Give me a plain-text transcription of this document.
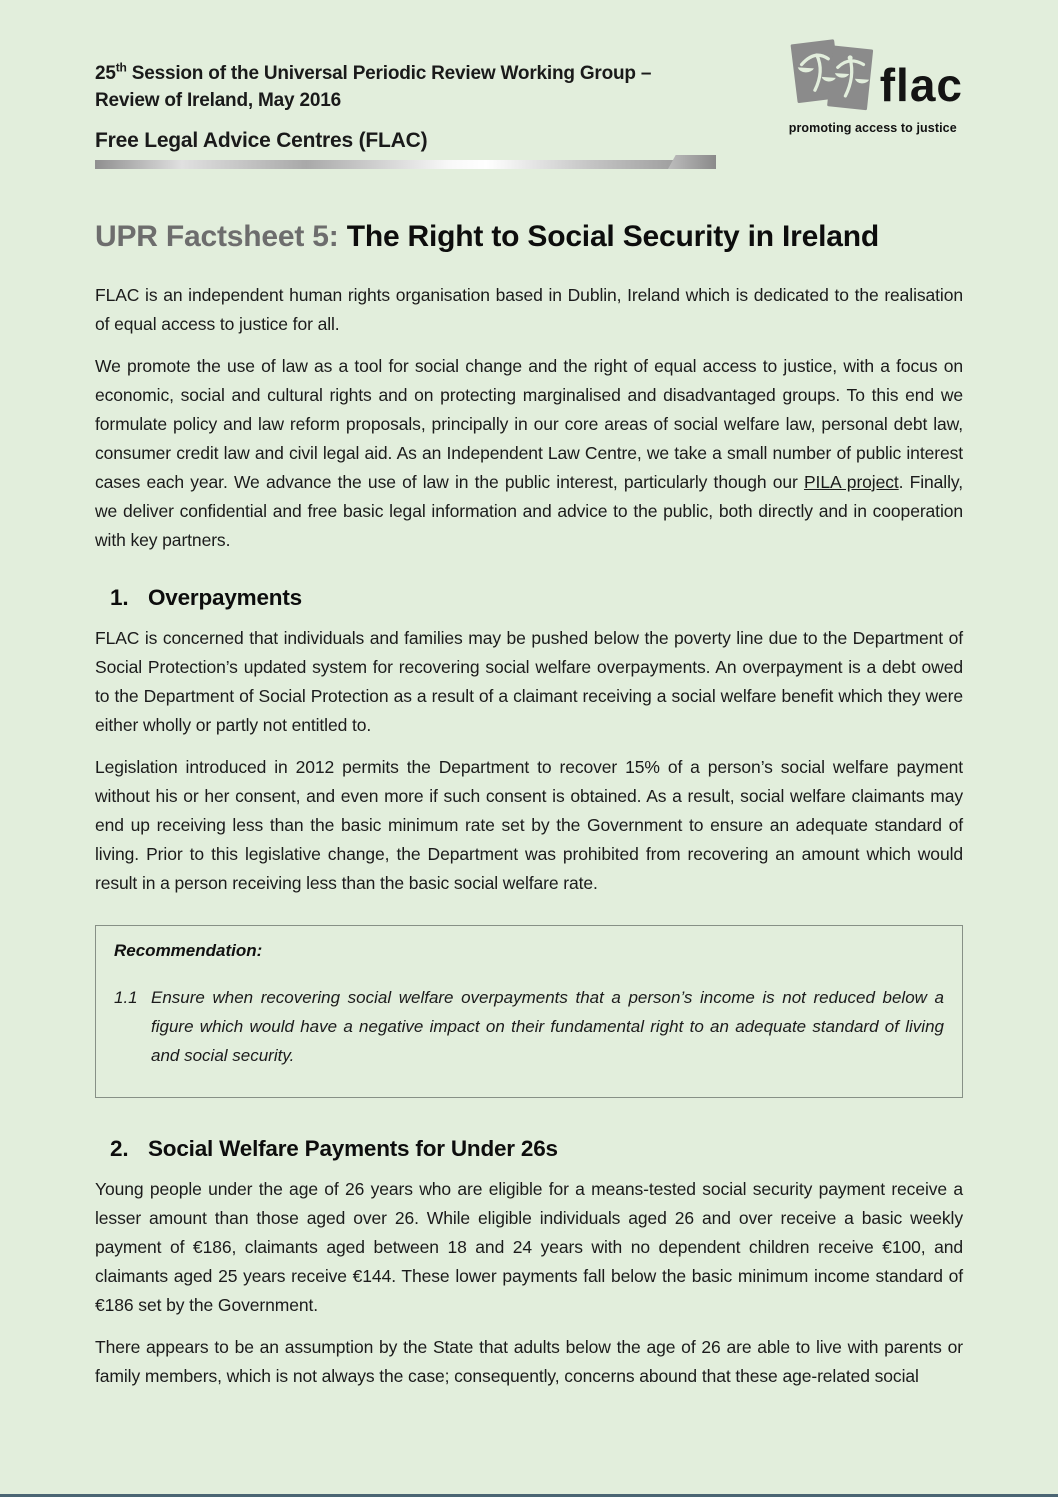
25th Session of the Universal Periodic Review Working Group –
Review of Ireland, May 2016
Free Legal Advice Centres (FLAC)
flac
promoting access to justice
UPR Factsheet 5: The Right to Social Security in Ireland

FLAC is an independent human rights organisation based in Dublin, Ireland which is dedicated to the realisation of equal access to justice for all.

We promote the use of law as a tool for social change and the right of equal access to justice, with a focus on economic, social and cultural rights and on protecting marginalised and disadvantaged groups. To this end we formulate policy and law reform proposals, principally in our core areas of social welfare law, personal debt law, consumer credit law and civil legal aid. As an Independent Law Centre, we take a small number of public interest cases each year. We advance the use of law in the public interest, particularly though our PILA project. Finally, we deliver confidential and free basic legal information and advice to the public, both directly and in cooperation with key partners.

1. Overpayments

FLAC is concerned that individuals and families may be pushed below the poverty line due to the Department of Social Protection’s updated system for recovering social welfare overpayments. An overpayment is a debt owed to the Department of Social Protection as a result of a claimant receiving a social welfare benefit which they were either wholly or partly not entitled to.

Legislation introduced in 2012 permits the Department to recover 15% of a person’s social welfare payment without his or her consent, and even more if such consent is obtained. As a result, social welfare claimants may end up receiving less than the basic minimum rate set by the Government to ensure an adequate standard of living. Prior to this legislative change, the Department was prohibited from recovering an amount which would result in a person receiving less than the basic social welfare rate.

Recommendation:
1.1 Ensure when recovering social welfare overpayments that a person’s income is not reduced below a figure which would have a negative impact on their fundamental right to an adequate standard of living and social security.
2. Social Welfare Payments for Under 26s

Young people under the age of 26 years who are eligible for a means-tested social security payment receive a lesser amount than those aged over 26. While eligible individuals aged 26 and over receive a basic weekly payment of €186, claimants aged between 18 and 24 years with no dependent children receive €100, and claimants aged 25 years receive €144. These lower payments fall below the basic minimum income standard of €186 set by the Government.

There appears to be an assumption by the State that adults below the age of 26 are able to live with parents or family members, which is not always the case; consequently, concerns abound that these age-related social
